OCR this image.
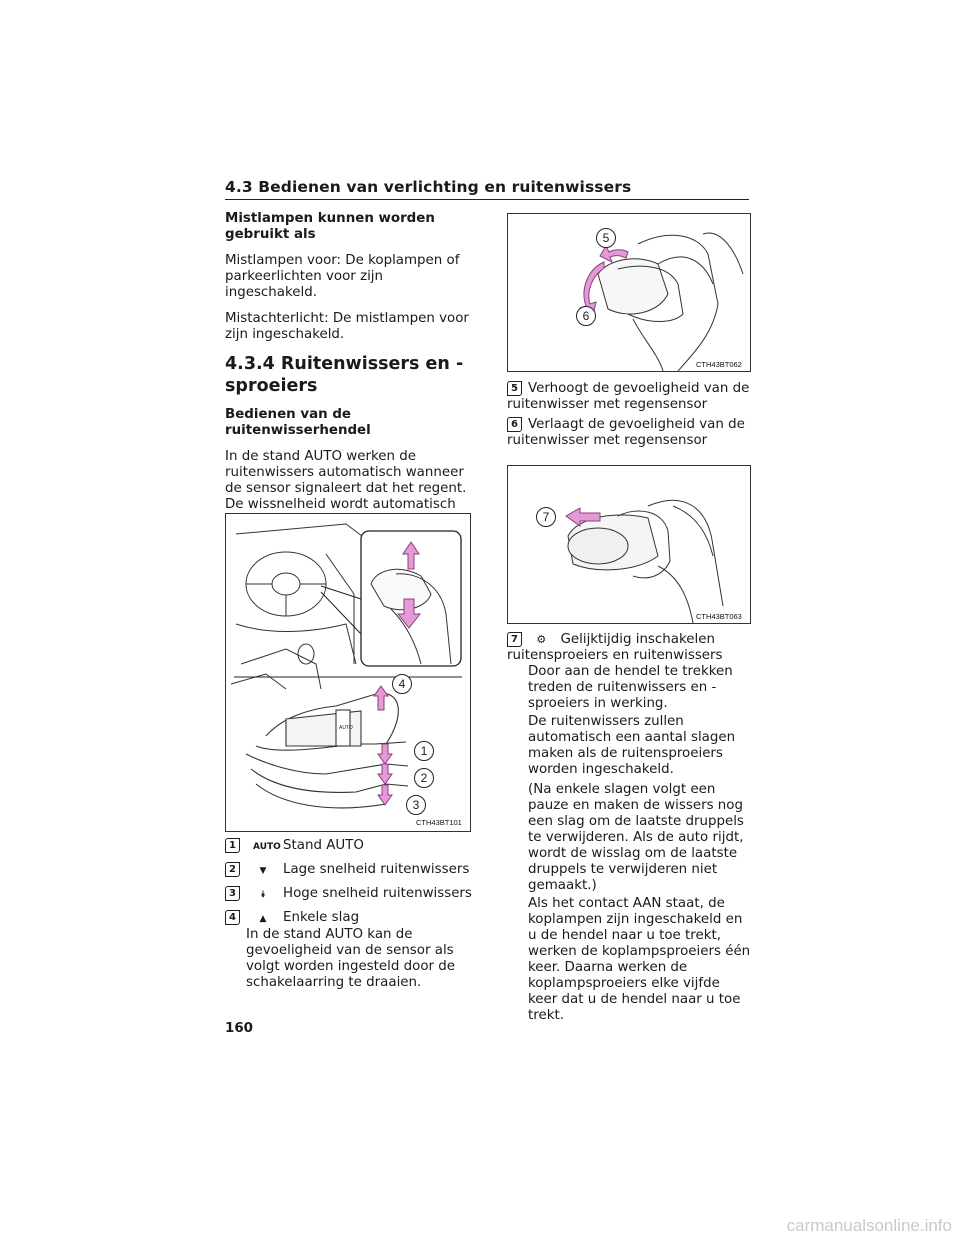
4.3 Bedienen van verlichting en ruitenwissers

Mistlampen kunnen worden gebruikt als

Mistlampen voor: De koplampen of parkeerlichten voor zijn ingeschakeld.

Mistachterlicht: De mistlampen voor zijn ingeschakeld.

4.3.4 Ruitenwissers en -sproeiers

Bedienen van de ruitenwisserhendel

In de stand AUTO werken de ruitenwissers automatisch wanneer de sensor signaleert dat het regent. De wissnelheid wordt automatisch

AUTO
4
1
2
3
CTH43BT101
1 AUTO Stand AUTO
2	▼	Lage snelheid ruitenwissers
3	⯯	Hoge snelheid ruitenwissers
4	▲	Enkele slag
In de stand AUTO kan de gevoeligheid van de sensor als volgt worden ingesteld door de schakelaarring te draaien.
5
6
CTH43BT062
5 Verhoogt de gevoeligheid van de ruitenwisser met regensensor
6 Verlaagt de gevoeligheid van de ruitenwisser met regensensor
7
CTH43BT063
7 ⚙ Gelijktijdig inschakelen ruitensproeiers en ruitenwissers

Door aan de hendel te trekken treden de ruitenwissers en -sproeiers in werking.

De ruitenwissers zullen automatisch een aantal slagen maken als de ruitensproeiers worden ingeschakeld.

(Na enkele slagen volgt een pauze en maken de wissers nog een slag om de laatste druppels te verwijderen. Als de auto rijdt, wordt de wisslag om de laatste druppels te verwijderen niet gemaakt.)

Als het contact AAN staat, de koplampen zijn ingeschakeld en u de hendel naar u toe trekt, werken de koplampsproeiers één keer. Daarna werken de koplampsproeiers elke vijfde keer dat u de hendel naar u toe trekt.

160
carmanualsonline.info
